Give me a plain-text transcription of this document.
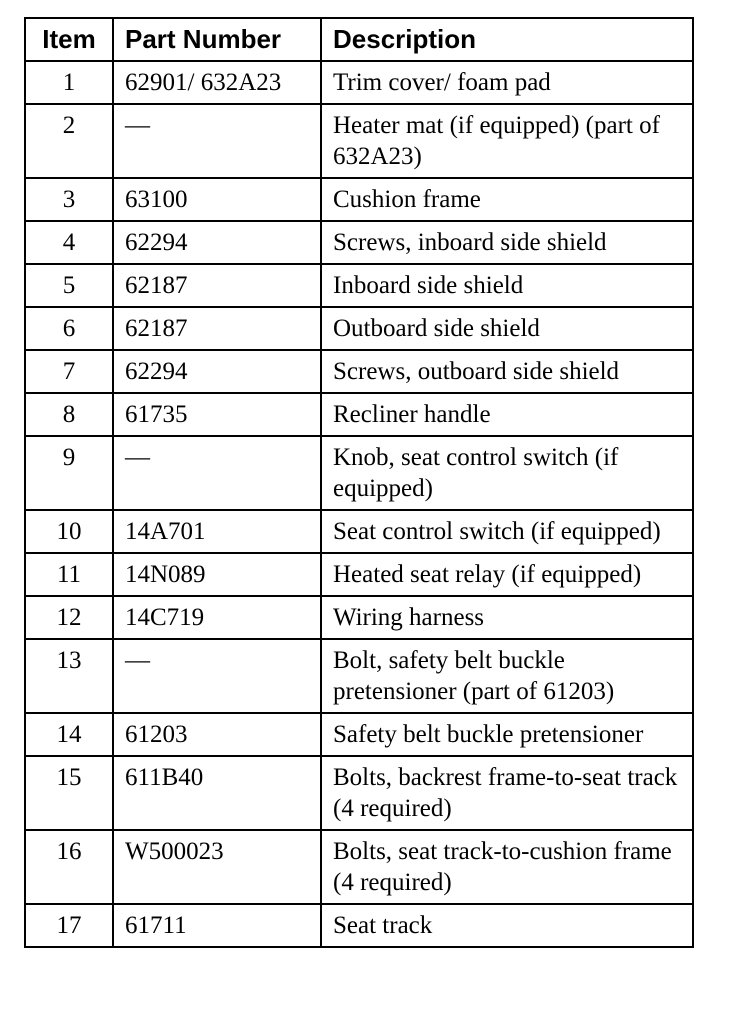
Item	Part Number	Description
1	62901/ 632A23	Trim cover/ foam pad
2	—	Heater mat (if equipped) (part of 632A23)
3	63100	Cushion frame
4	62294	Screws, inboard side shield
5	62187	Inboard side shield
6	62187	Outboard side shield
7	62294	Screws, outboard side shield
8	61735	Recliner handle
9	—	Knob, seat control switch (if equipped)
10	14A701	Seat control switch (if equipped)
11	14N089	Heated seat relay (if equipped)
12	14C719	Wiring harness
13	—	Bolt, safety belt buckle pretensioner (part of 61203)
14	61203	Safety belt buckle pretensioner
15	611B40	Bolts, backrest frame-to-seat track (4 required)
16	W500023	Bolts, seat track-to-cushion frame (4 required)
17	61711	Seat track
